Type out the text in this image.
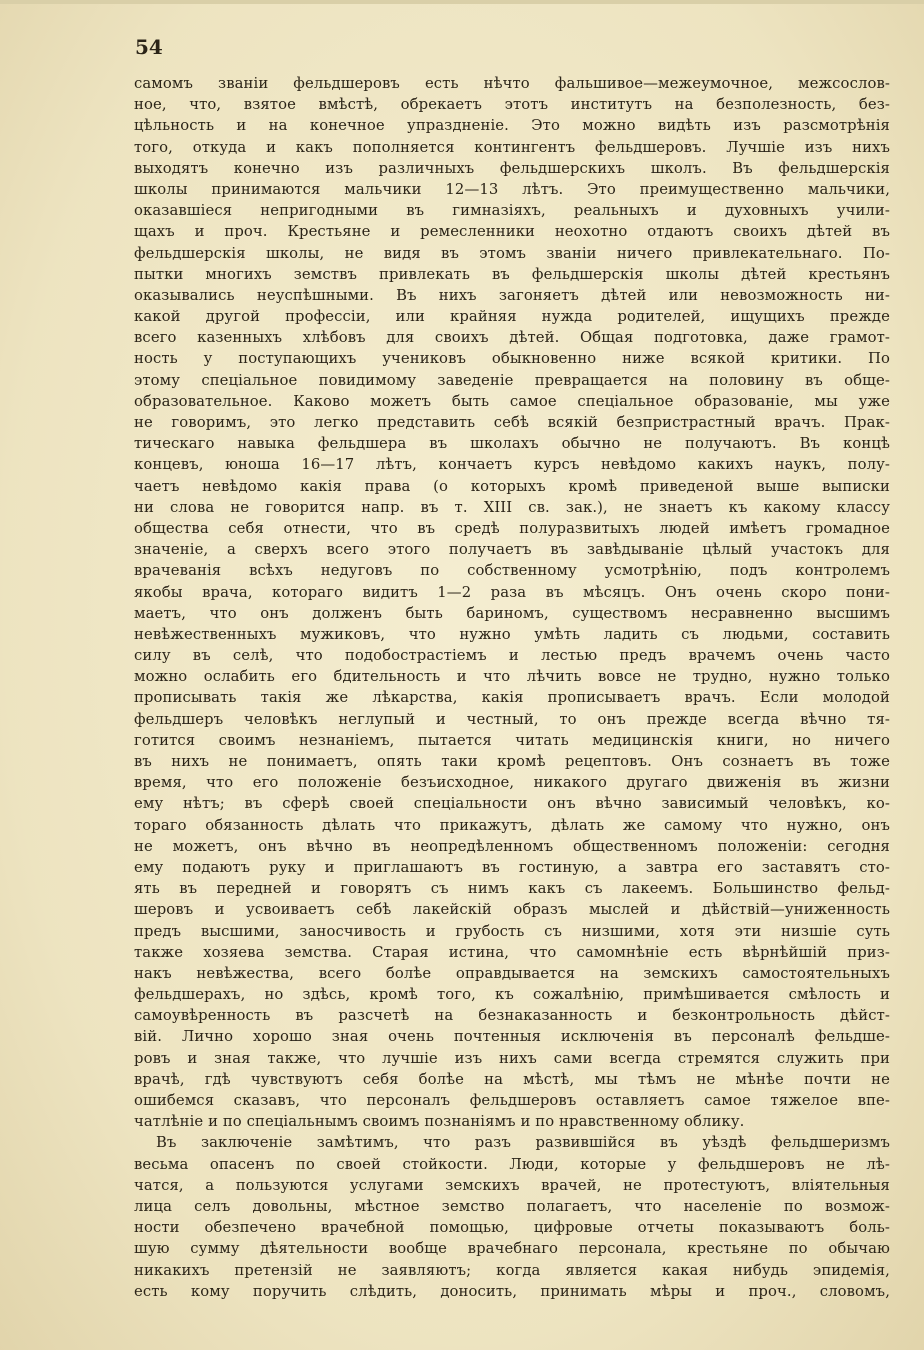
54
самомъ званіи фельдшеровъ есть нѣчто фальшивое—межеумочное, межсослов-
ное, что, взятое вмѣстѣ, обрекаетъ этотъ институтъ на безполезность, без-
цѣльность и на конечное упраздненіе. Это можно видѣть изъ разсмотрѣнія
того, откуда и какъ пополняется контингентъ фельдшеровъ. Лучшіе изъ нихъ
выходятъ конечно изъ различныхъ фельдшерскихъ школъ. Въ фельдшерскія
школы принимаются мальчики 12—13 лѣтъ. Это преимущественно мальчики,
оказавшіеся непригодными въ гимназіяхъ, реальныхъ и духовныхъ учили-
щахъ и проч. Крестьяне и ремесленники неохотно отдаютъ своихъ дѣтей въ
фельдшерскія школы, не видя въ этомъ званіи ничего привлекательнаго. По-
пытки многихъ земствъ привлекать въ фельдшерскія школы дѣтей крестьянъ
оказывались неуспѣшными. Въ нихъ загоняетъ дѣтей или невозможность ни-
какой другой профессіи, или крайняя нужда родителей, ищущихъ прежде
всего казенныхъ хлѣбовъ для своихъ дѣтей. Общая подготовка, даже грамот-
ность у поступающихъ учениковъ обыкновенно ниже всякой критики. По
этому спеціальное повидимому заведеніе превращается на половину въ обще-
образовательное. Каково можетъ быть самое спеціальное образованіе, мы уже
не говоримъ, это легко представить себѣ всякій безпристрастный врачъ. Прак-
тическаго навыка фельдшера въ школахъ обычно не получаютъ. Въ концѣ
концевъ, юноша 16—17 лѣтъ, кончаетъ курсъ невѣдомо какихъ наукъ, полу-
чаетъ невѣдомо какія права (о которыхъ кромѣ приведеной выше выписки
ни слова не говорится напр. въ т. XIII св. зак.), не знаетъ къ какому классу
общества себя отнести, что въ средѣ полуразвитыхъ людей имѣетъ громадное
значеніе, а сверхъ всего этого получаетъ въ завѣдываніе цѣлый участокъ для
врачеванія всѣхъ недуговъ по собственному усмотрѣнію, подъ контролемъ
якобы врача, котораго видитъ 1—2 раза въ мѣсяцъ. Онъ очень скоро пони-
маетъ, что онъ долженъ быть бариномъ, существомъ несравненно высшимъ
невѣжественныхъ мужиковъ, что нужно умѣть ладить съ людьми, составить
силу въ селѣ, что подобострастіемъ и лестью предъ врачемъ очень часто
можно ослабить его бдительность и что лѣчить вовсе не трудно, нужно только
прописывать такія же лѣкарства, какія прописываетъ врачъ. Если молодой
фельдшеръ человѣкъ неглупый и честный, то онъ прежде всегда вѣчно тя-
готится своимъ незнаніемъ, пытается читать медицинскія книги, но ничего
въ нихъ не понимаетъ, опять таки кромѣ рецептовъ. Онъ сознаетъ въ тоже
время, что его положеніе безъисходное, никакого другаго движенія въ жизни
ему нѣтъ; въ сферѣ своей спеціальности онъ вѣчно зависимый человѣкъ, ко-
тораго обязанность дѣлать что прикажутъ, дѣлать же самому что нужно, онъ
не можетъ, онъ вѣчно въ неопредѣленномъ общественномъ положеніи: сегодня
ему подаютъ руку и приглашаютъ въ гостиную, а завтра его заставятъ сто-
ять въ передней и говорятъ съ нимъ какъ съ лакеемъ. Большинство фельд-
шеровъ и усвоиваетъ себѣ лакейскій образъ мыслей и дѣйствій—униженность
предъ высшими, заносчивость и грубость съ низшими, хотя эти низшіе суть
также хозяева земства. Старая истина, что самомнѣніе есть вѣрнѣйшій приз-
накъ невѣжества, всего болѣе оправдывается на земскихъ самостоятельныхъ
фельдшерахъ, но здѣсь, кромѣ того, къ сожалѣнію, примѣшивается смѣлость и
самоувѣренность въ разсчетѣ на безнаказанность и безконтрольность дѣйст-
вій. Лично хорошо зная очень почтенныя исключенія въ персоналѣ фельдше-
ровъ и зная также, что лучшіе изъ нихъ сами всегда стремятся служить при
врачѣ, гдѣ чувствуютъ себя болѣе на мѣстѣ, мы тѣмъ не мѣнѣе почти не
ошибемся сказавъ, что персоналъ фельдшеровъ оставляетъ самое тяжелое впе-
чатлѣніе и по спеціальнымъ своимъ познаніямъ и по нравственному облику.
Въ заключеніе замѣтимъ, что разъ развившійся въ уѣздѣ фельдшеризмъ
весьма опасенъ по своей стойкости. Люди, которые у фельдшеровъ не лѣ-
чатся, а пользуются услугами земскихъ врачей, не протестуютъ, вліятельныя
лица селъ довольны, мѣстное земство полагаетъ, что населеніе по возмож-
ности обезпечено врачебной помощью, цифровые отчеты показываютъ боль-
шую сумму дѣятельности вообще врачебнаго персонала, крестьяне по обычаю
никакихъ претензій не заявляютъ; когда является какая нибудь эпидемія,
есть кому поручить слѣдить, доносить, принимать мѣры и проч., словомъ,
